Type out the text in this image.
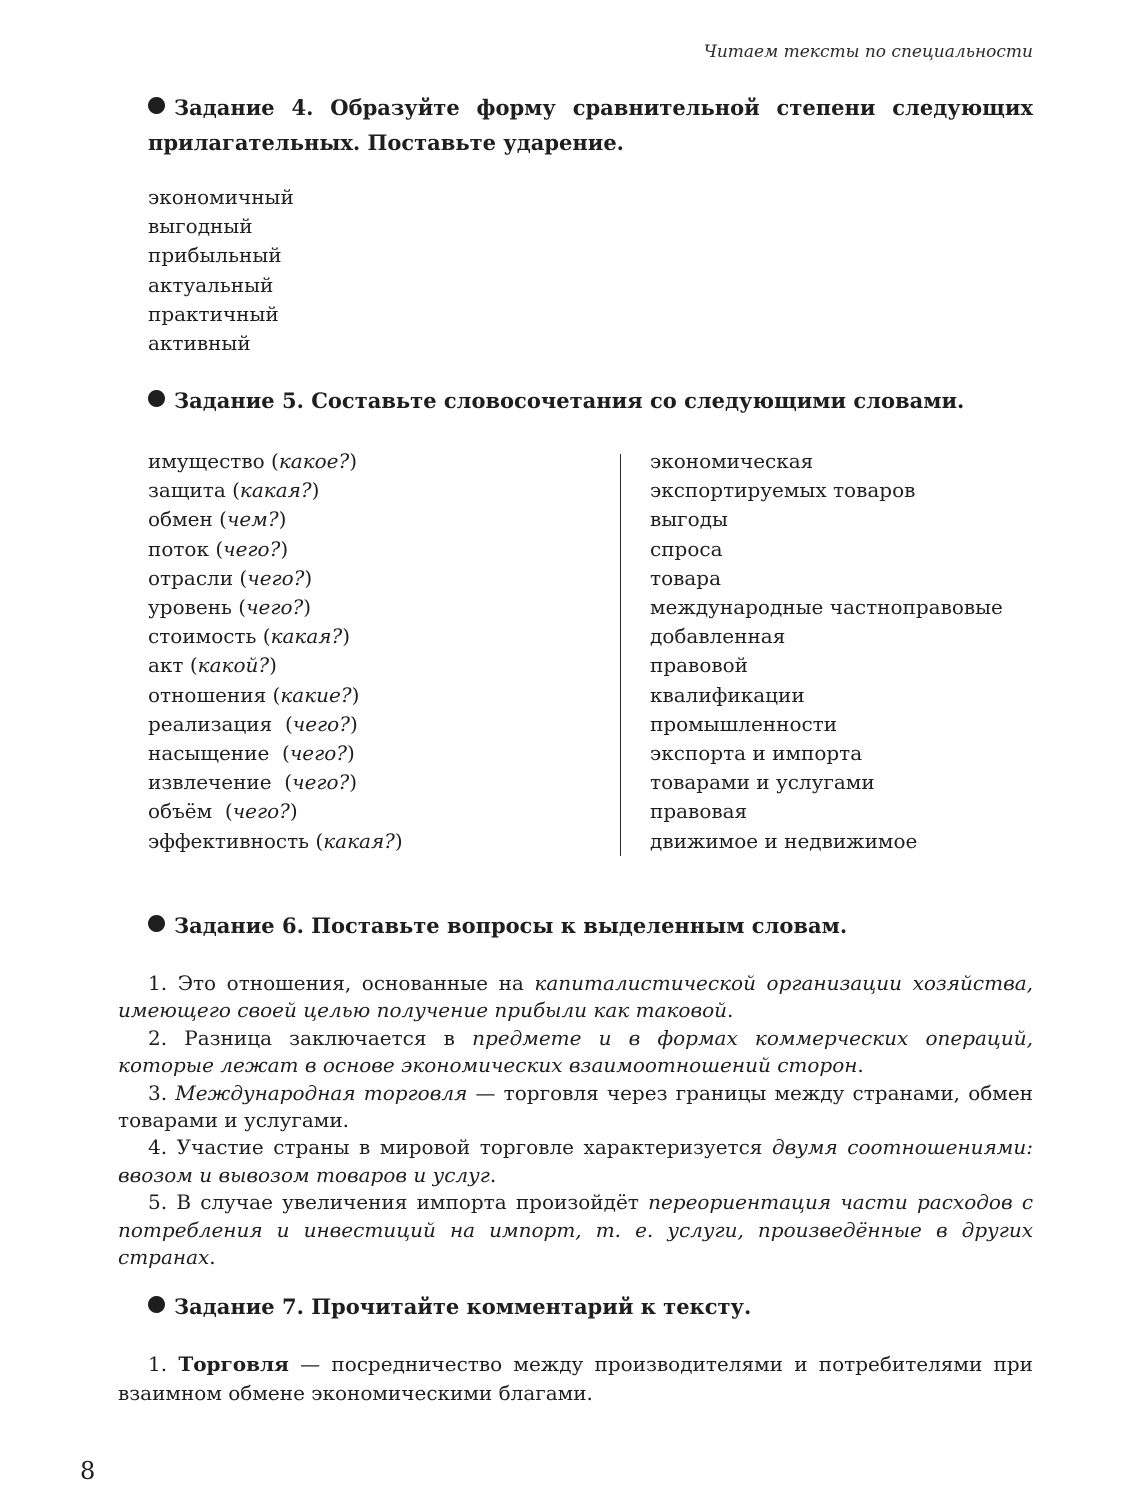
Читаем тексты по специальности

Задание 4. Образуйте форму сравнительной степени следующих прилагательных. Поставьте ударение.

экономичный
выгодный
прибыльный
актуальный
практичный
активный

Задание 5. Составьте словосочетания со следующими словами.

имущество (какое?)
защита (какая?)
обмен (чем?)
поток (чего?)
отрасли (чего?)
уровень (чего?)
стоимость (какая?)
акт (какой?)
отношения (какие?)
реализация  (чего?)
насыщение  (чего?)
извлечение  (чего?)
объём  (чего?)
эффективность (какая?)
экономическая
экспортируемых товаров
выгоды
спроса
товара
международные частноправовые
добавленная
правовой
квалификации
промышленности
экспорта и импорта
товарами и услугами
правовая
движимое и недвижимое

Задание 6. Поставьте вопросы к выделенным словам.

1. Это отношения, основанные на капиталистической организации хозяйства, имеющего своей целью получение прибыли как таковой.

2. Разница заключается в предмете и в формах коммерческих операций, которые лежат в основе экономических взаимоотношений сторон.

3. Международная торговля — торговля через границы между странами, обмен товарами и услугами.

4. Участие страны в мировой торговле характеризуется двумя соотношениями: ввозом и вывозом товаров и услуг.

5. В случае увеличения импорта произойдёт переориентация части расходов с потребления и инвестиций на импорт, т. е. услуги, произведённые в других странах.

Задание 7. Прочитайте комментарий к тексту.

1. Торговля — посредничество между производителями и потребителями при взаимном обмене экономическими благами.

8
